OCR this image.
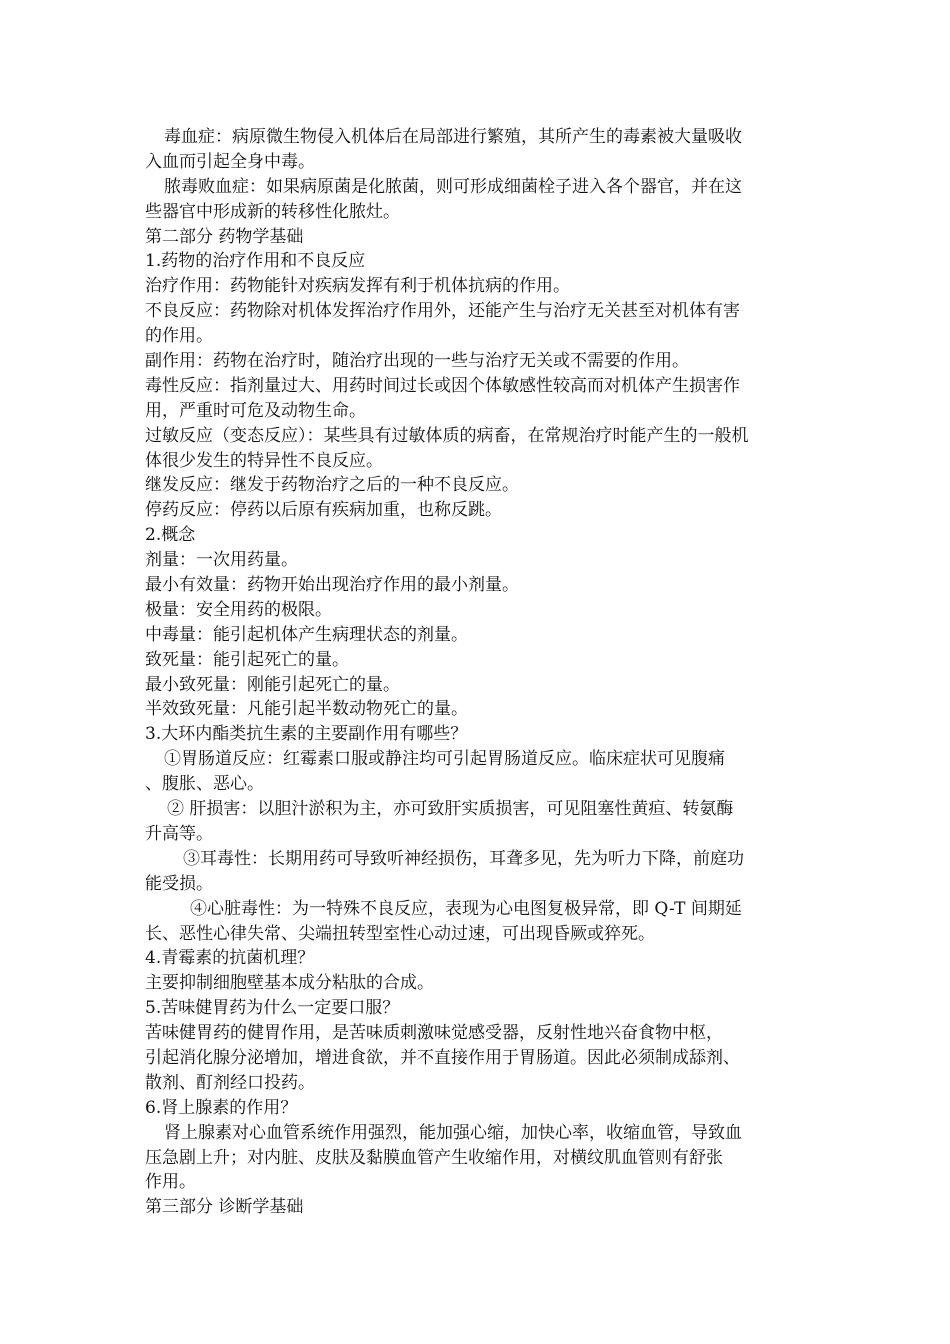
毒血症：病原微生物侵入机体后在局部进行繁殖，其所产生的毒素被大量吸收
入血而引起全身中毒。
脓毒败血症：如果病原菌是化脓菌，则可形成细菌栓子进入各个器官，并在这
些器官中形成新的转移性化脓灶。
第二部分 药物学基础
1.药物的治疗作用和不良反应
治疗作用：药物能针对疾病发挥有利于机体抗病的作用。
不良反应：药物除对机体发挥治疗作用外，还能产生与治疗无关甚至对机体有害
的作用。
副作用：药物在治疗时，随治疗出现的一些与治疗无关或不需要的作用。
毒性反应：指剂量过大、用药时间过长或因个体敏感性较高而对机体产生损害作
用，严重时可危及动物生命。
过敏反应（变态反应）：某些具有过敏体质的病畜，在常规治疗时能产生的一般机
体很少发生的特异性不良反应。
继发反应：继发于药物治疗之后的一种不良反应。
停药反应：停药以后原有疾病加重，也称反跳。
2.概念
剂量：一次用药量。
最小有效量：药物开始出现治疗作用的最小剂量。
极量：安全用药的极限。
中毒量：能引起机体产生病理状态的剂量。
致死量：能引起死亡的量。
最小致死量：刚能引起死亡的量。
半效致死量：凡能引起半数动物死亡的量。
3.大环内酯类抗生素的主要副作用有哪些？
①胃肠道反应：红霉素口服或静注均可引起胃肠道反应。临床症状可见腹痛
、腹胀、恶心。
② 肝损害：以胆汁淤积为主，亦可致肝实质损害，可见阻塞性黄疸、转氨酶
升高等。
③耳毒性：长期用药可导致听神经损伤，耳聋多见，先为听力下降，前庭功
能受损。
④心脏毒性：为一特殊不良反应，表现为心电图复极异常，即 Q-T 间期延
长、恶性心律失常、尖端扭转型室性心动过速，可出现昏厥或猝死。
4.青霉素的抗菌机理？
主要抑制细胞壁基本成分粘肽的合成。
5.苦味健胃药为什么一定要口服？
苦味健胃药的健胃作用，是苦味质刺激味觉感受器，反射性地兴奋食物中枢，
引起消化腺分泌增加，增进食欲，并不直接作用于胃肠道。因此必须制成舔剂、
散剂、酊剂经口投药。
6.肾上腺素的作用？
肾上腺素对心血管系统作用强烈，能加强心缩，加快心率，收缩血管，导致血
压急剧上升；对内脏、皮肤及黏膜血管产生收缩作用，对横纹肌血管则有舒张
作用。
第三部分 诊断学基础
